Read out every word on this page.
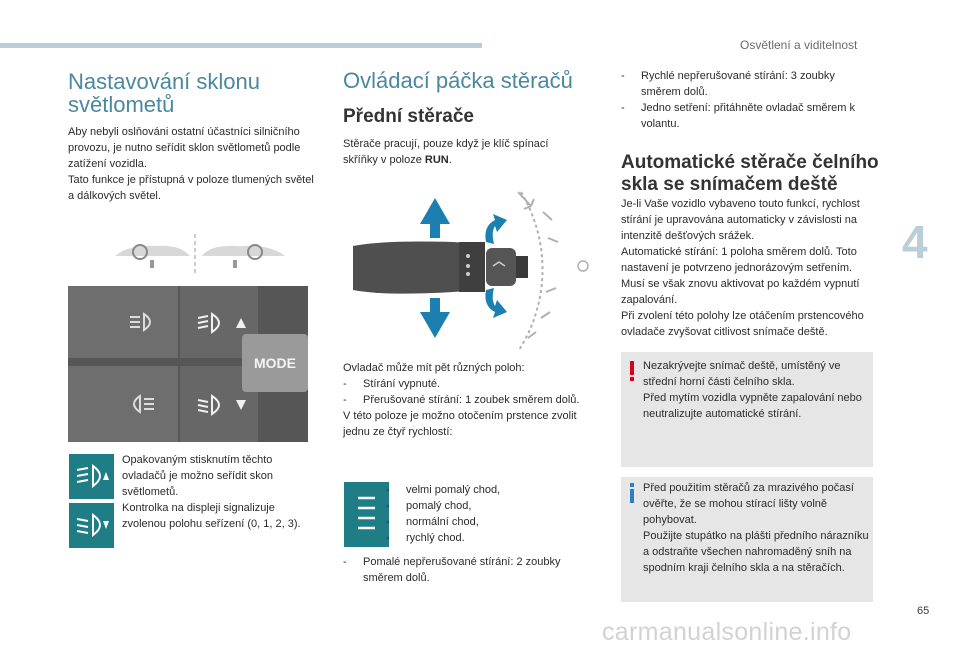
Osvětlení a viditelnost
4
Nastavování sklonu světlometů

Aby nebyli oslňováni ostatní účastníci silničního provozu, je nutno seřídit sklon světlometů podle zatížení vozidla.

Tato funkce je přístupná v poloze tlumených světel a dálkových světel.

MODE

Opakovaným stisknutím těchto ovladačů je možno seřídit skon světlometů.

Kontrolka na displeji signalizuje zvolenou polohu seřízení (0, 1, 2, 3).

Ovládací páčka stěračů
Přední stěrače

Stěrače pracují, pouze když je klíč spínací skříňky v poloze RUN.

Ovladač může mít pět různých poloh:

- Stírání vypnuté.
- Přerušované stírání: 1 zoubek směrem dolů.

V této poloze je možno otočením prstence zvolit jednu ze čtyř rychlostí:

- velmi pomalý chod,
- pomalý chod,
- normální chod,
- rychlý chod.
- Pomalé nepřerušované stírání: 2 zoubky směrem dolů.
- Rychlé nepřerušované stírání: 3 zoubky směrem dolů.
- Jedno setření: přitáhněte ovladač směrem k volantu.
Automatické stěrače čelního skla se snímačem deště

Je-li Vaše vozidlo vybaveno touto funkcí, rychlost stírání je upravována automaticky v závislosti na intenzitě dešťových srážek.

Automatické stírání: 1 poloha směrem dolů. Toto nastavení je potvrzeno jednorázovým setřením.

Musí se však znovu aktivovat po každém vypnutí zapalování.

Při zvolení této polohy lze otáčením prstencového ovladače zvyšovat citlivost snímače deště.

Nezakrývejte snímač deště, umístěný ve střední horní části čelního skla.

Před mytím vozidla vypněte zapalování nebo neutralizujte automatické stírání.

Před použitím stěračů za mrazivého počasí ověřte, že se mohou stírací lišty volně pohybovat.

Použijte stupátko na plášti předního nárazníku a odstraňte všechen nahromaděný sníh na spodním kraji čelního skla a na stěračích.

65
carmanualsonline.info
